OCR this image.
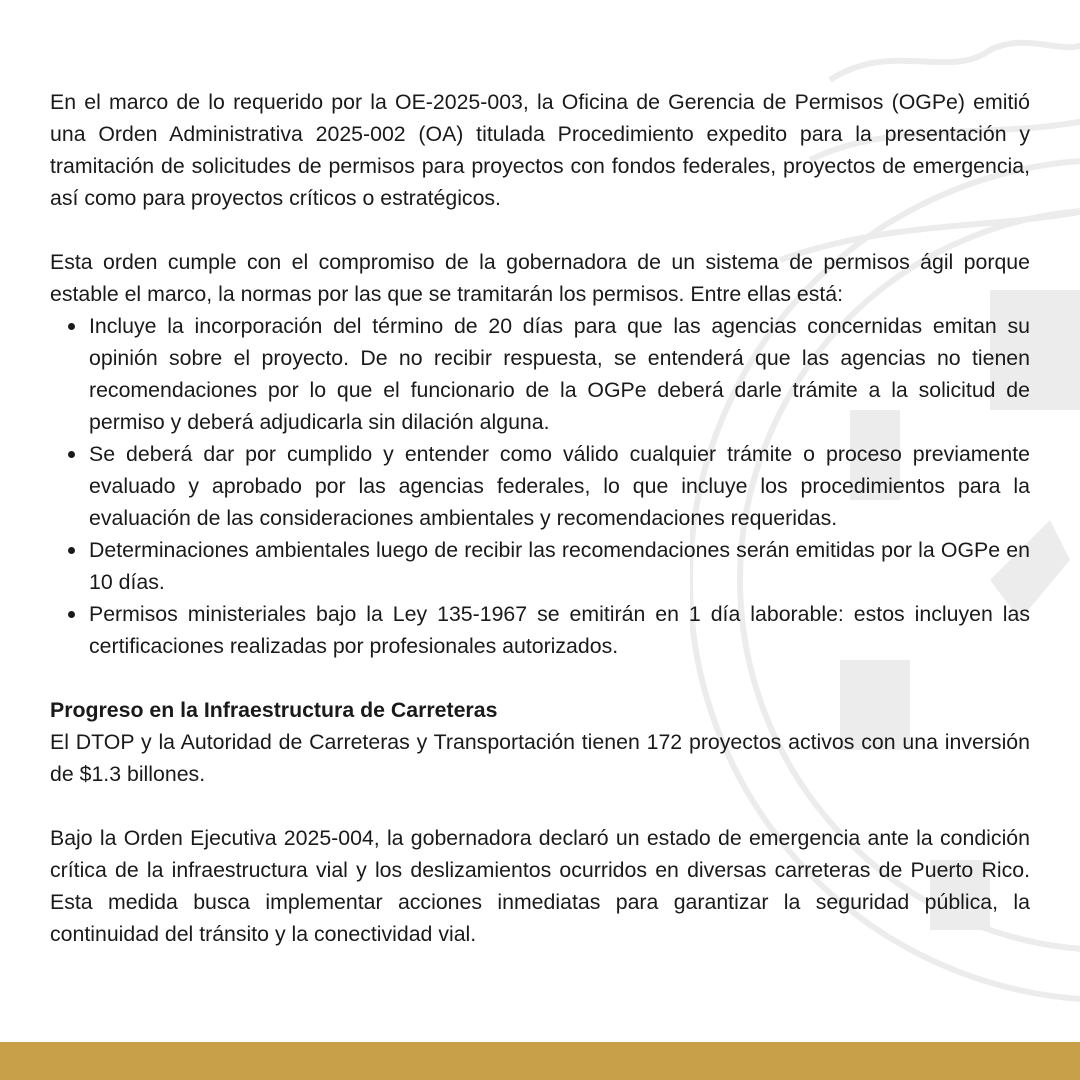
En el marco de lo requerido por la OE-2025-003, la Oficina de Gerencia de Permisos (OGPe) emitió una Orden Administrativa 2025-002 (OA) titulada Procedimiento expedito para la presentación y tramitación de solicitudes de permisos para proyectos con fondos federales, proyectos de emergencia, así como para proyectos críticos o estratégicos.

Esta orden cumple con el compromiso de la gobernadora de un sistema de permisos ágil porque estable el marco, la normas por las que se tramitarán los permisos. Entre ellas está:

Incluye la incorporación del término de 20 días para que las agencias concernidas emitan su opinión sobre el proyecto. De no recibir respuesta, se entenderá que las agencias no tienen recomendaciones por lo que el funcionario de la OGPe deberá darle trámite a la solicitud de permiso y deberá adjudicarla sin dilación alguna.
Se deberá dar por cumplido y entender como válido cualquier trámite o proceso previamente evaluado y aprobado por las agencias federales, lo que incluye los procedimientos para la evaluación de las consideraciones ambientales y recomendaciones requeridas.
Determinaciones ambientales luego de recibir las recomendaciones serán emitidas por la OGPe en 10 días.
Permisos ministeriales bajo la Ley 135-1967 se emitirán en 1 día laborable: estos incluyen las certificaciones realizadas por profesionales autorizados.

Progreso en la Infraestructura de Carreteras

El DTOP y la Autoridad de Carreteras y Transportación tienen 172 proyectos activos con una inversión de $1.3 billones.

Bajo la Orden Ejecutiva 2025-004, la gobernadora declaró un estado de emergencia ante la condición crítica de la infraestructura vial y los deslizamientos ocurridos en diversas carreteras de Puerto Rico. Esta medida busca implementar acciones inmediatas para garantizar la seguridad pública, la continuidad del tránsito y la conectividad vial.
